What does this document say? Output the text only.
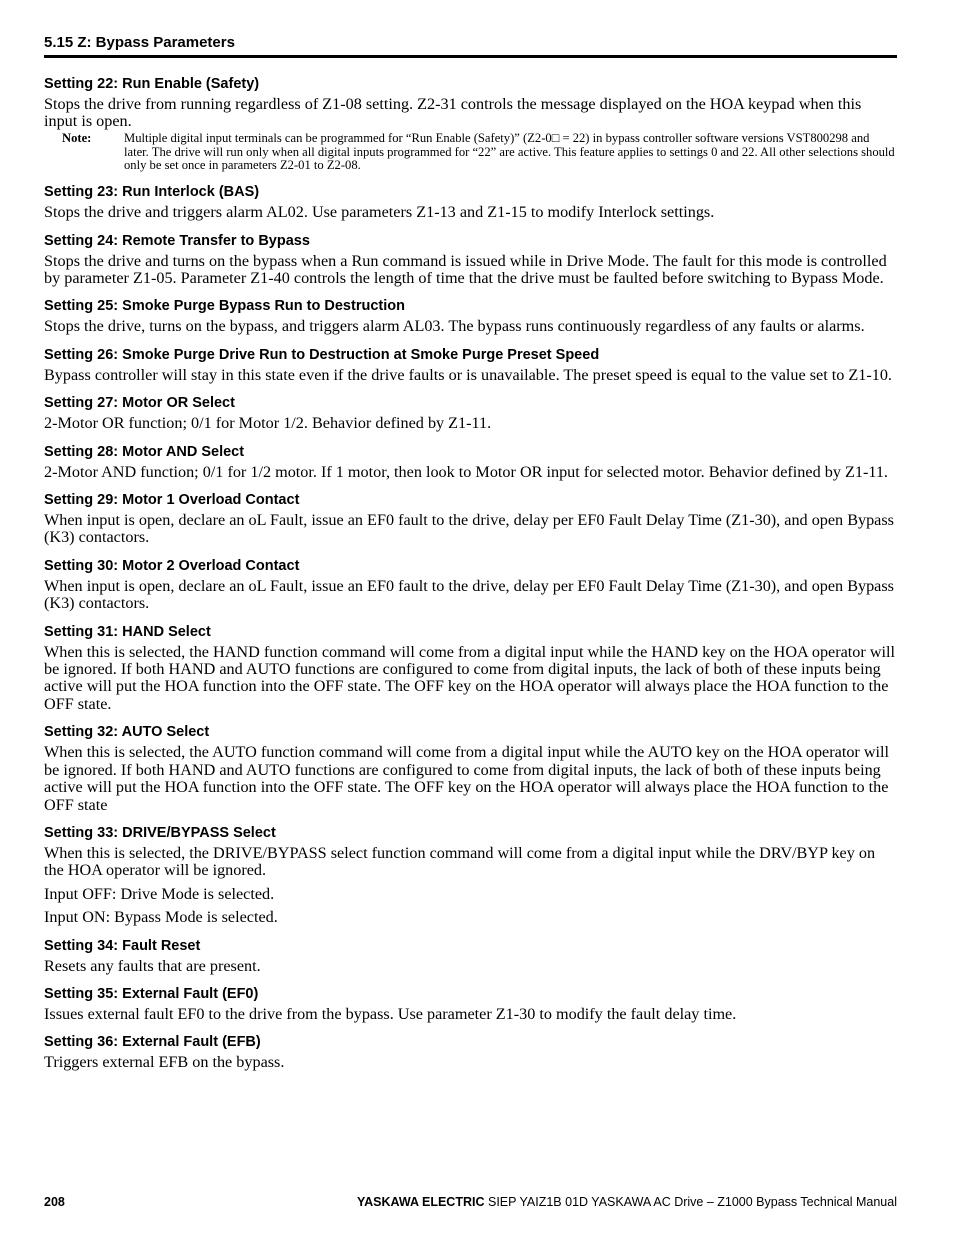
5.15 Z: Bypass Parameters
Setting 22: Run Enable (Safety)
Stops the drive from running regardless of Z1-08 setting. Z2-31 controls the message displayed on the HOA keypad when this input is open.
Note:	Multiple digital input terminals can be programmed for “Run Enable (Safety)” (Z2-0□ = 22) in bypass controller software versions VST800298 and later. The drive will run only when all digital inputs programmed for “22” are active. This feature applies to settings 0 and 22. All other selections should only be set once in parameters Z2-01 to Z2-08.
Setting 23: Run Interlock (BAS)
Stops the drive and triggers alarm AL02. Use parameters Z1-13 and Z1-15 to modify Interlock settings.
Setting 24: Remote Transfer to Bypass
Stops the drive and turns on the bypass when a Run command is issued while in Drive Mode. The fault for this mode is controlled by parameter Z1-05. Parameter Z1-40 controls the length of time that the drive must be faulted before switching to Bypass Mode.
Setting 25: Smoke Purge Bypass Run to Destruction
Stops the drive, turns on the bypass, and triggers alarm AL03. The bypass runs continuously regardless of any faults or alarms.
Setting 26: Smoke Purge Drive Run to Destruction at Smoke Purge Preset Speed
Bypass controller will stay in this state even if the drive faults or is unavailable. The preset speed is equal to the value set to Z1-10.
Setting 27: Motor OR Select
2-Motor OR function; 0/1 for Motor 1/2. Behavior defined by Z1-11.
Setting 28: Motor AND Select
2-Motor AND function; 0/1 for 1/2 motor. If 1 motor, then look to Motor OR input for selected motor. Behavior defined by Z1-11.
Setting 29: Motor 1 Overload Contact
When input is open, declare an oL Fault, issue an EF0 fault to the drive, delay per EF0 Fault Delay Time (Z1-30), and open Bypass (K3) contactors.
Setting 30: Motor 2 Overload Contact
When input is open, declare an oL Fault, issue an EF0 fault to the drive, delay per EF0 Fault Delay Time (Z1-30), and open Bypass (K3) contactors.
Setting 31: HAND Select
When this is selected, the HAND function command will come from a digital input while the HAND key on the HOA operator will be ignored. If both HAND and AUTO functions are configured to come from digital inputs, the lack of both of these inputs being active will put the HOA function into the OFF state. The OFF key on the HOA operator will always place the HOA function to the OFF state.
Setting 32: AUTO Select
When this is selected, the AUTO function command will come from a digital input while the AUTO key on the HOA operator will be ignored. If both HAND and AUTO functions are configured to come from digital inputs, the lack of both of these inputs being active will put the HOA function into the OFF state. The OFF key on the HOA operator will always place the HOA function to the OFF state
Setting 33: DRIVE/BYPASS Select
When this is selected, the DRIVE/BYPASS select function command will come from a digital input while the DRV/BYP key on the HOA operator will be ignored.
Input OFF: Drive Mode is selected.
Input ON: Bypass Mode is selected.
Setting 34: Fault Reset
Resets any faults that are present.
Setting 35: External Fault (EF0)
Issues external fault EF0 to the drive from the bypass. Use parameter Z1-30 to modify the fault delay time.
Setting 36: External Fault (EFB)
Triggers external EFB on the bypass.
208	YASKAWA ELECTRIC SIEP YAIZ1B 01D YASKAWA AC Drive – Z1000 Bypass Technical Manual
